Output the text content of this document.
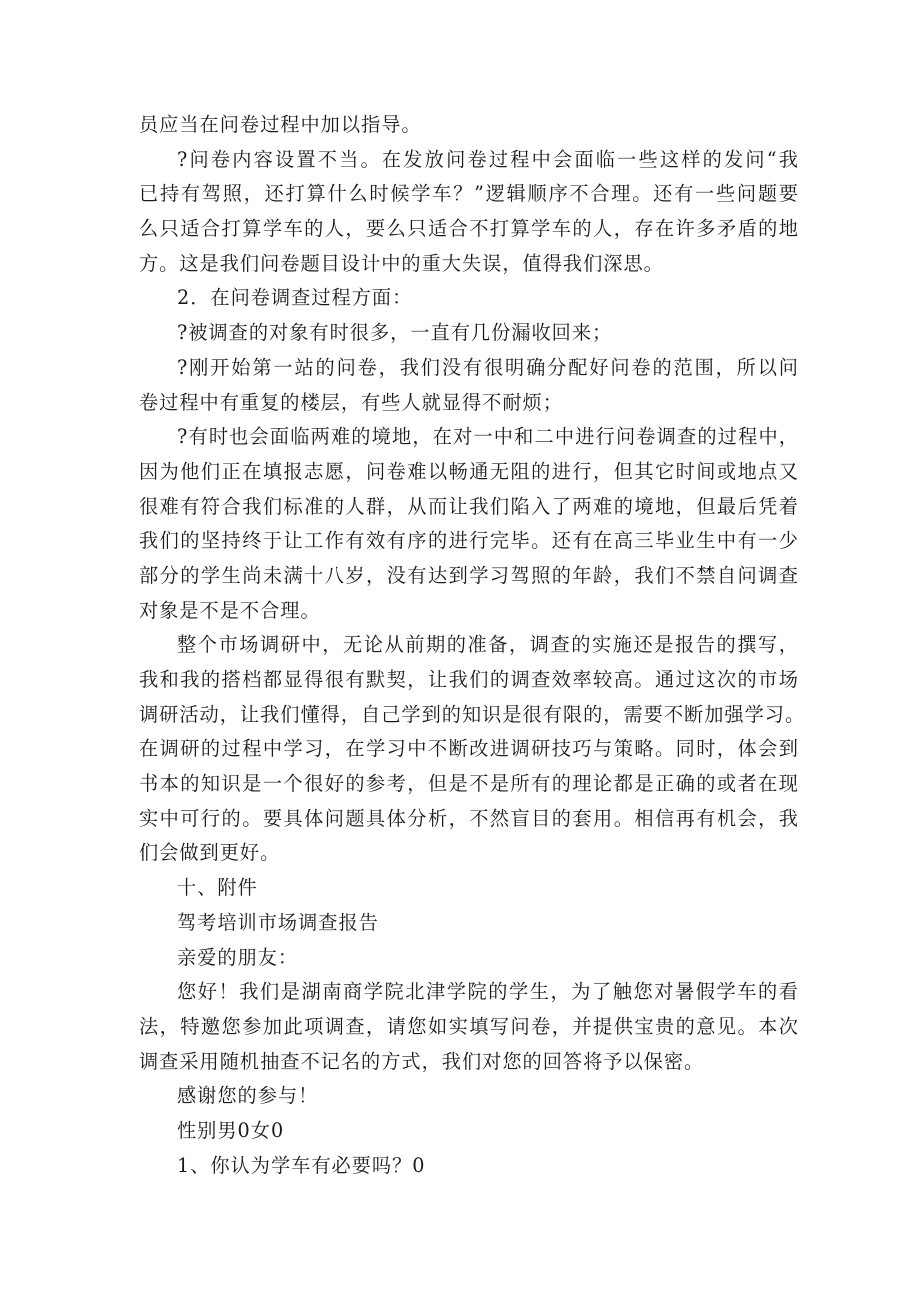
员应当在问卷过程中加以指导。
?问卷内容设置不当。在发放问卷过程中会面临一些这样的发问“我
已持有驾照，还打算什么时候学车？”逻辑顺序不合理。还有一些问题要
么只适合打算学车的人，要么只适合不打算学车的人，存在许多矛盾的地
方。这是我们问卷题目设计中的重大失误，值得我们深思。
2．在问卷调查过程方面：
?被调查的对象有时很多，一直有几份漏收回来；
?刚开始第一站的问卷，我们没有很明确分配好问卷的范围，所以问
卷过程中有重复的楼层，有些人就显得不耐烦；
?有时也会面临两难的境地，在对一中和二中进行问卷调查的过程中，
因为他们正在填报志愿，问卷难以畅通无阻的进行，但其它时间或地点又
很难有符合我们标准的人群，从而让我们陷入了两难的境地，但最后凭着
我们的坚持终于让工作有效有序的进行完毕。还有在高三毕业生中有一少
部分的学生尚未满十八岁，没有达到学习驾照的年龄，我们不禁自问调查
对象是不是不合理。
整个市场调研中，无论从前期的准备，调查的实施还是报告的撰写，
我和我的搭档都显得很有默契，让我们的调查效率较高。通过这次的市场
调研活动，让我们懂得，自己学到的知识是很有限的，需要不断加强学习。
在调研的过程中学习，在学习中不断改进调研技巧与策略。同时，体会到
书本的知识是一个很好的参考，但是不是所有的理论都是正确的或者在现
实中可行的。要具体问题具体分析，不然盲目的套用。相信再有机会，我
们会做到更好。
十、附件
驾考培训市场调查报告
亲爱的朋友：
您好！我们是湖南商学院北津学院的学生，为了触您对暑假学车的看
法，特邀您参加此项调查，请您如实填写问卷，并提供宝贵的意见。本次
调查采用随机抽查不记名的方式，我们对您的回答将予以保密。
感谢您的参与！
性别男0女0
1、你认为学车有必要吗？0
